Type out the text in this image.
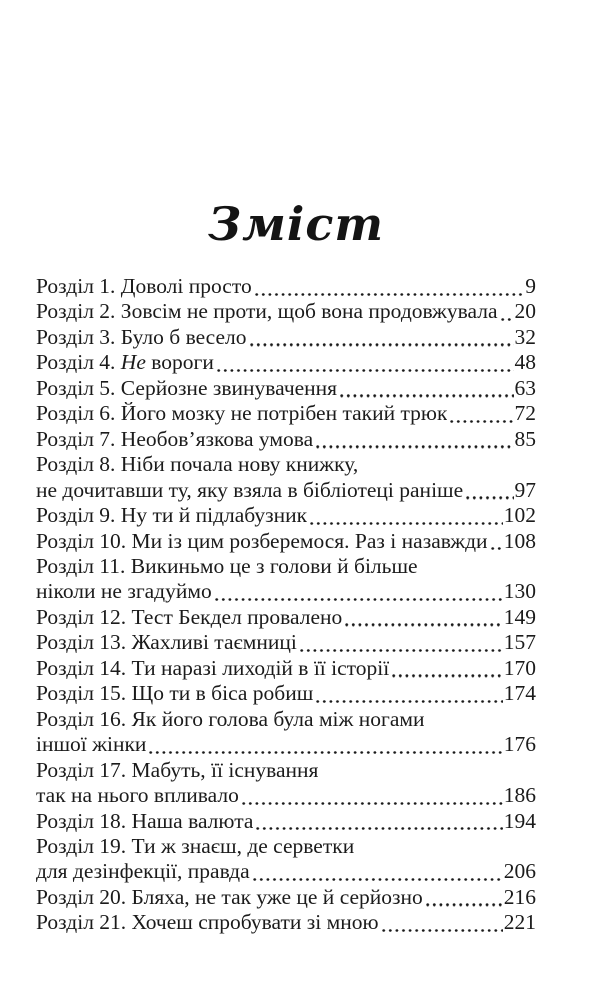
Зміст
Розділ 1. Доволі просто	9
Розділ 2. Зовсім не проти, щоб вона продовжувала 20
Розділ 3. Було б весело	32
Розділ 4. Не вороги	48
Розділ 5. Серйозне звинувачення	63
Розділ 6. Його мозку не потрібен такий трюк	72
Розділ 7. Необов’язкова умова	85
Розділ 8. Ніби почала нову книжку,
не дочитавши ту, яку взяла в бібліотеці раніше 97
Розділ 9. Ну ти й підлабузник	102
Розділ 10. Ми із цим розберемося. Раз і назавжди 108
Розділ 11. Викиньмо це з голови й більше
ніколи не згадуймо	130
Розділ 12. Тест Бекдел провалено	149
Розділ 13. Жахливі таємниці	157
Розділ 14. Ти наразі лиходій в її історії	170
Розділ 15. Що ти в біса робиш	174
Розділ 16. Як його голова була між ногами
іншої жінки	176
Розділ 17. Мабуть, її існування
так на нього впливало	186
Розділ 18. Наша валюта	194
Розділ 19. Ти ж знаєш, де серветки
для дезінфекції, правда	206
Розділ 20. Бляха, не так уже це й серйозно	216
Розділ 21. Хочеш спробувати зі мною	221
